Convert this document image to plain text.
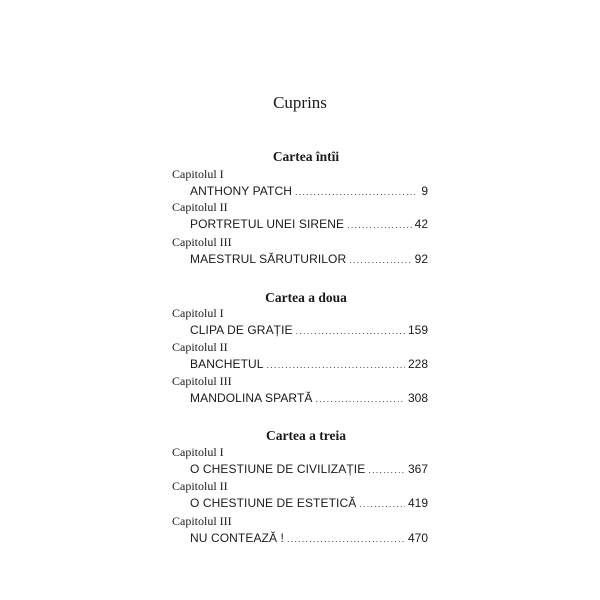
Cuprins
Cartea întîi
Capitolul I
ANTHONY PATCH .....	9
Capitolul II
PORTRETUL UNEI SIRENE .....	42
Capitolul III
MAESTRUL SĂRUTURILOR .....	92
Cartea a doua
Capitolul I
CLIPA DE GRAȚIE .....	159
Capitolul II
BANCHETUL .....	228
Capitolul III
MANDOLINA SPARTĂ .....	308
Cartea a treia
Capitolul I
O CHESTIUNE DE CIVILIZAȚIE .....	367
Capitolul II
O CHESTIUNE DE ESTETICĂ .....	419
Capitolul III
NU CONTEAZĂ ! .....	470
